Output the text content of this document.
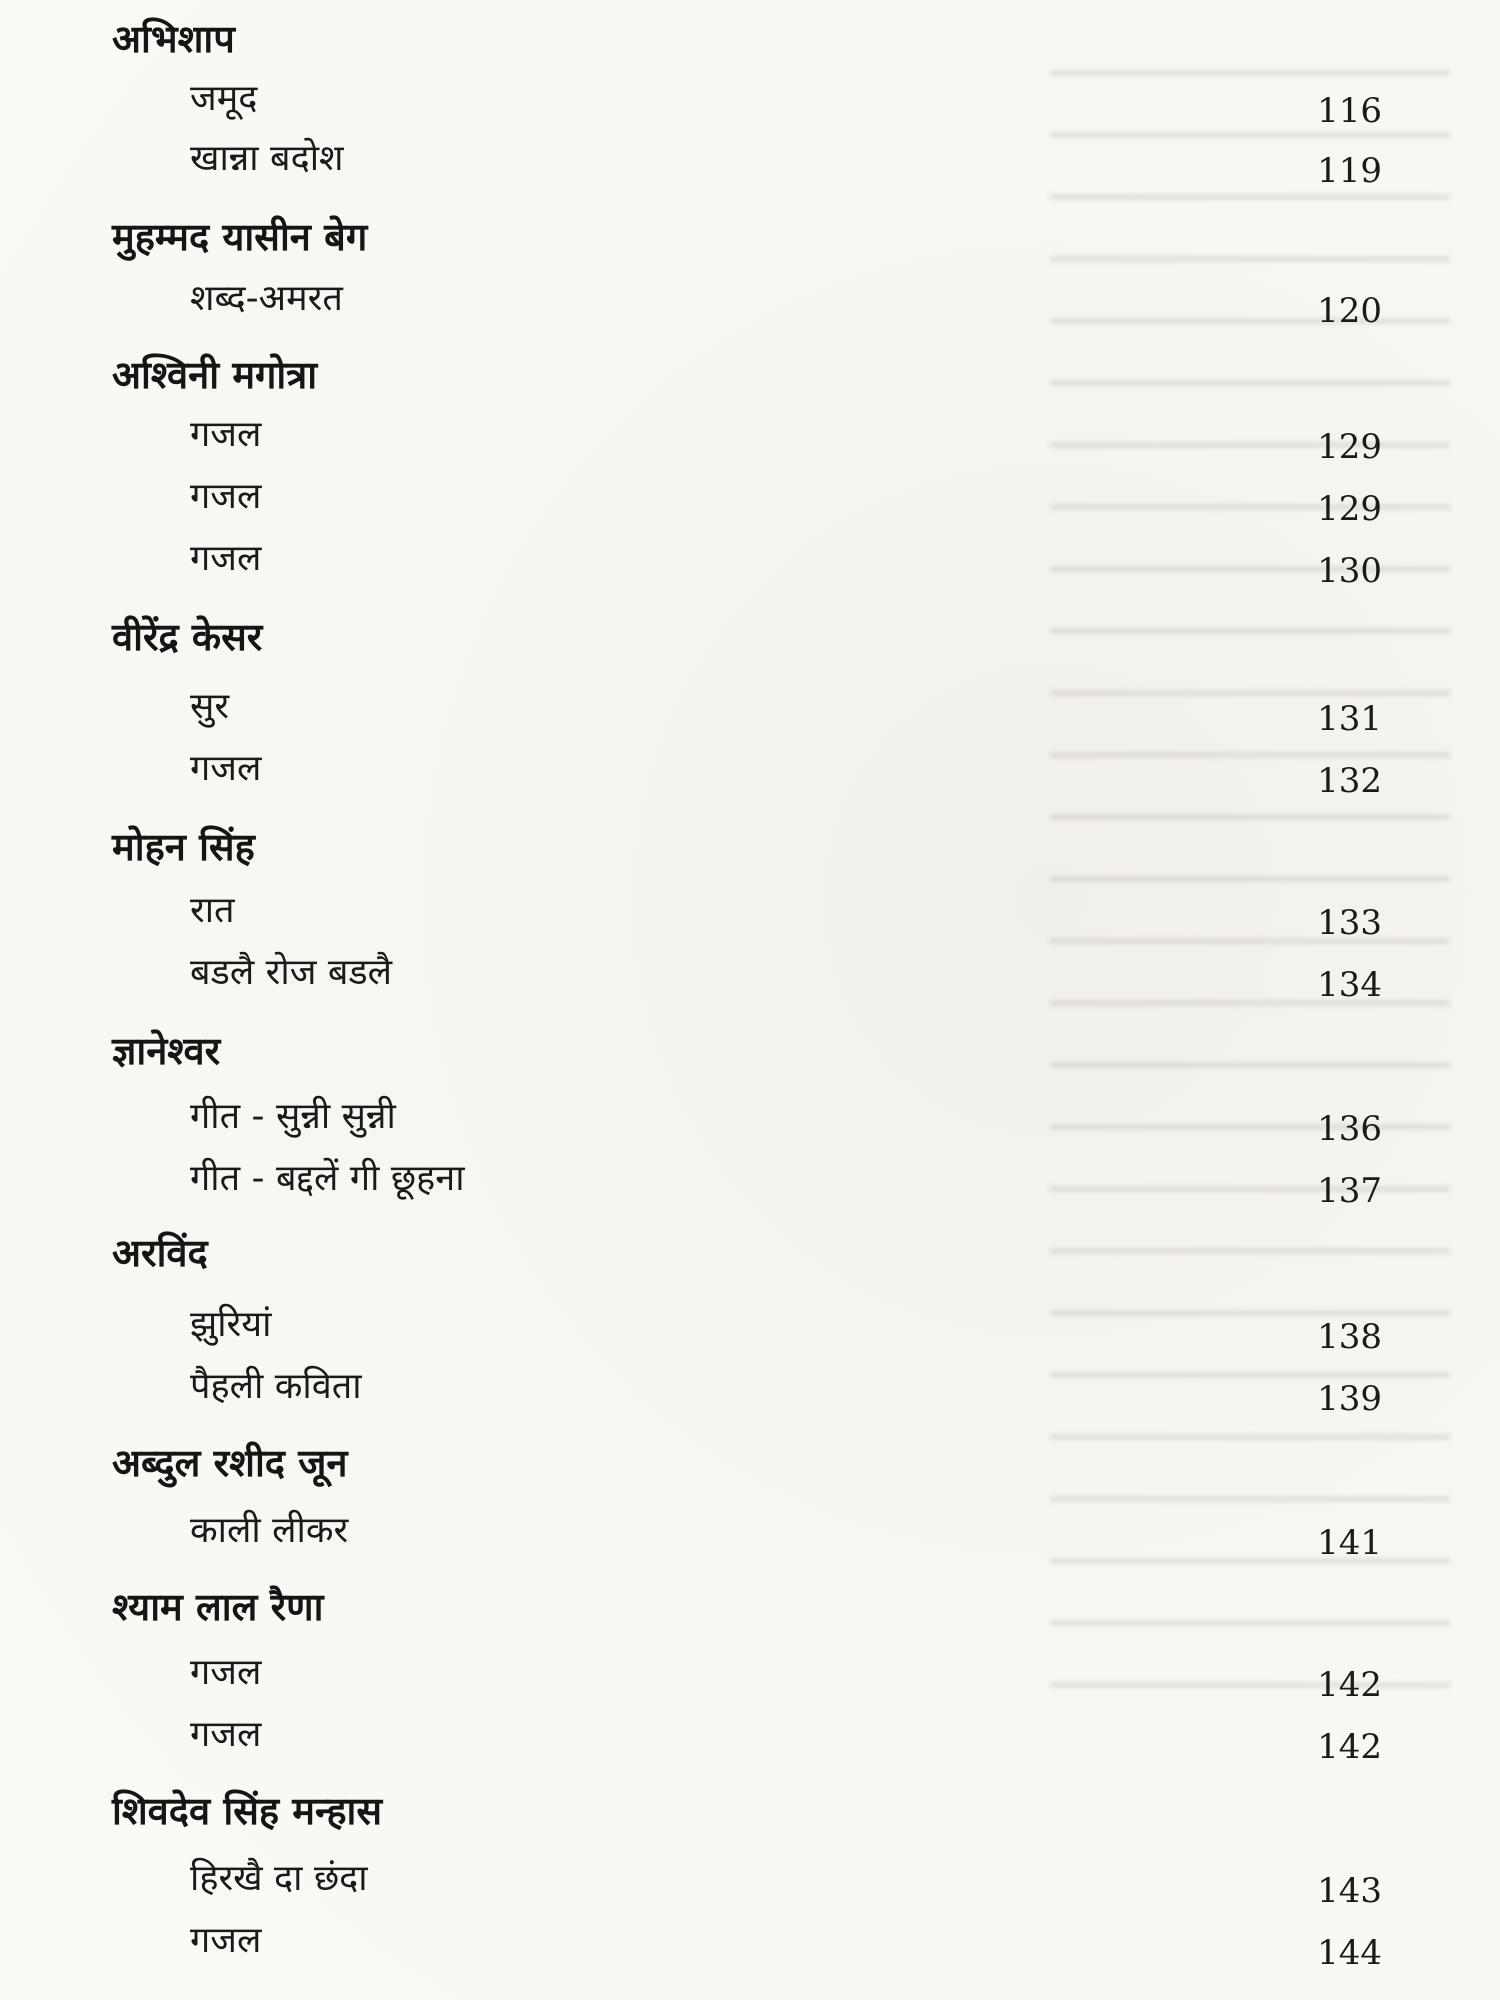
अभिशाप
जमूद	116
खान्ना बदोश	119
मुहम्मद यासीन बेग
शब्द-अमरत	120
अश्विनी मगोत्रा
गजल	129
गजल	129
गजल	130
वीरेंद्र केसर
सुर	131
गजल	132
मोहन सिंह
रात	133
बडलै रोज बडलै	134
ज्ञानेश्वर
गीत - सुन्नी सुन्नी	136
गीत - बद्दलें गी छूहना	137
अरविंद
झुरियां	138
पैहली कविता	139
अब्दुल रशीद जून
काली लीकर	141
श्याम लाल रैणा
गजल	142
गजल	142
शिवदेव सिंह मन्हास
हिरखै दा छंदा	143
गजल	144
